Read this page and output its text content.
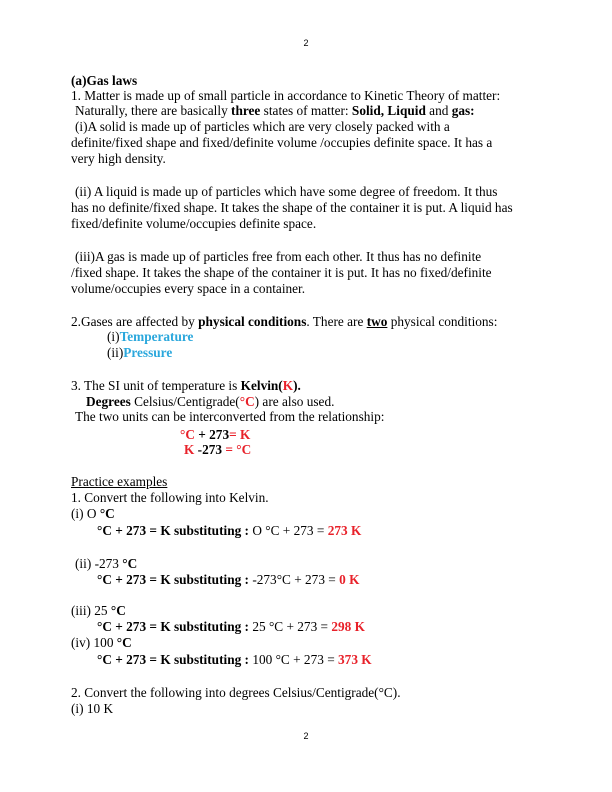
2
(a)Gas laws
1. Matter is made up of small particle in accordance to Kinetic Theory of matter:
Naturally, there are basically three states of matter: Solid, Liquid and gas:
(i)A solid is made up of particles which are very closely packed with a
definite/fixed shape and fixed/definite volume /occupies definite space. It has a
very high density.
(ii) A liquid is made up of particles which have some degree of freedom. It thus
has no definite/fixed shape. It takes the shape of the container it is put. A liquid has
fixed/definite volume/occupies definite space.
(iii)A gas is made up of particles free from each other. It thus has no definite
/fixed shape. It takes the shape of the container it is put. It has no fixed/definite
volume/occupies every space in a container.
2.Gases are affected by physical conditions. There are two physical conditions:
(i)Temperature
(ii)Pressure
3. The SI unit of temperature is Kelvin(K).
Degrees Celsius/Centigrade(°C) are also used.
The two units can be interconverted from the relationship:
°C + 273= K
K -273 = °C
Practice examples
1. Convert the following into Kelvin.
(i) O °C
°C + 273 = K substituting : O °C + 273 = 273 K
(ii) -273 °C
°C + 273 = K substituting : -273°C + 273 = 0 K
(iii) 25 °C
°C + 273 = K substituting : 25 °C + 273 = 298 K
(iv) 100 °C
°C + 273 = K substituting : 100 °C + 273 = 373 K
2. Convert the following into degrees Celsius/Centigrade(°C).
(i) 10 K
2
